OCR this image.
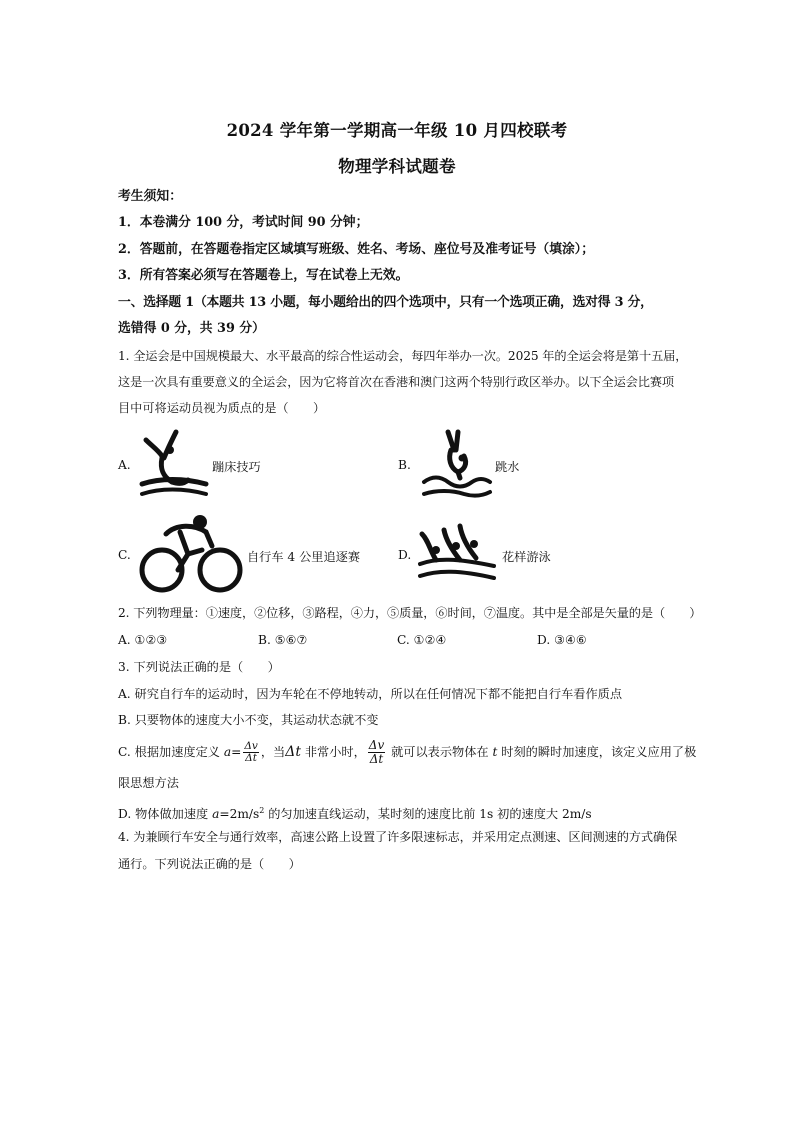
2024 学年第一学期高一年级 10 月四校联考
物理学科试题卷
考生须知：
1．本卷满分 100 分，考试时间 90 分钟；
2．答题前，在答题卷指定区域填写班级、姓名、考场、座位号及准考证号（填涂）；
3．所有答案必须写在答题卷上，写在试卷上无效。
一、选择题 1（本题共 13 小题，每小题给出的四个选项中，只有一个选项正确，选对得 3 分，
选错得 0 分，共 39 分）
1. 全运会是中国规模最大、水平最高的综合性运动会，每四年举办一次。2025 年的全运会将是第十五届，
这是一次具有重要意义的全运会，因为它将首次在香港和澳门这两个特别行政区举办。以下全运会比赛项
目中可将运动员视为质点的是（　　）
A.	蹦床技巧	B.	跳水
C.	自行车 4 公里追逐赛	D.	花样游泳
2. 下列物理量：①速度，②位移，③路程，④力，⑤质量，⑥时间，⑦温度。其中是全部是矢量的是（　　）
A. ①②③	B. ⑤⑥⑦	C. ①②④	D. ③④⑥
3. 下列说法正确的是（　　）
A. 研究自行车的运动时，因为车轮在不停地转动，所以在任何情况下都不能把自行车看作质点
B. 只要物体的速度大小不变，其运动状态就不变
C. 根据加速度定义 $a= \frac{\Delta v}{\Delta t}$ ，当Δt 非常小时， $\frac{\Delta v}{\Delta t}$ 就可以表示物体在 t 时刻的瞬时加速度，该定义应用了极
限思想方法
D. 物体做加速度 $a=2m/s^2$ 的匀加速直线运动，某时刻的速度比前 1s 初的速度大 2m/s
4. 为兼顾行车安全与通行效率，高速公路上设置了许多限速标志，并采用定点测速、区间测速的方式确保
通行。下列说法正确的是（　　）
